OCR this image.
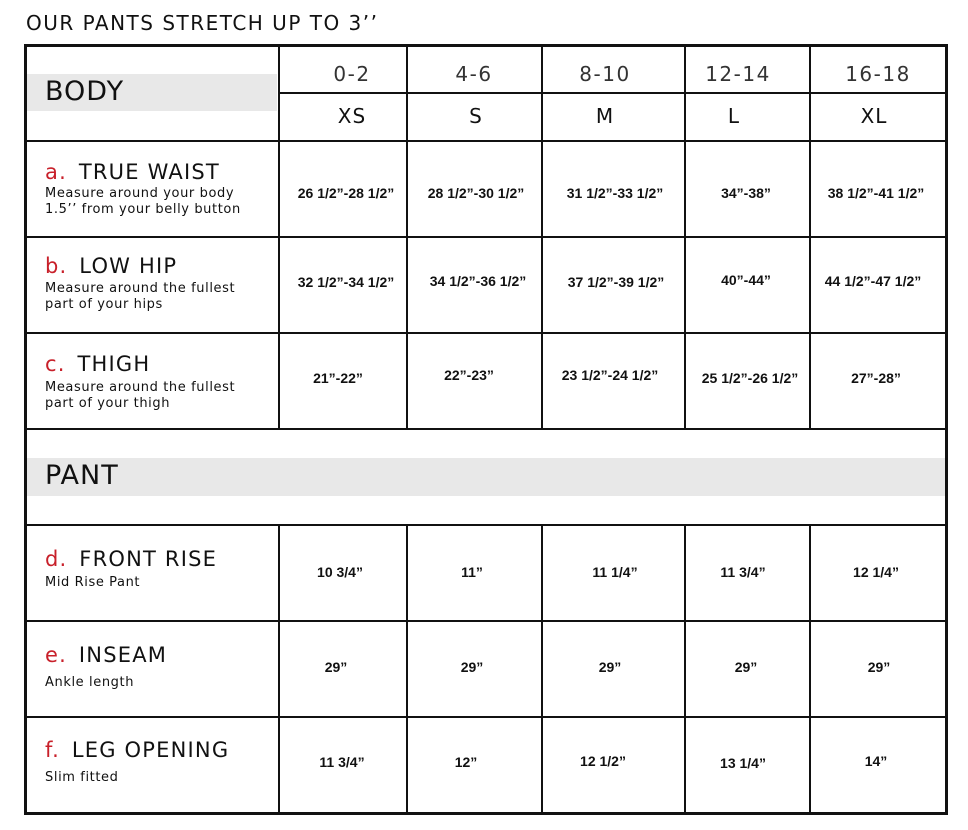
OUR PANTS STRETCH UP TO 3’’
BODY
PANT
0-2	4-6	8-10	12-14	16-18
XS	S	M	L	XL
a. TRUE WAIST
Measure around your body 1.5’’ from your belly button
26 1/2”-28 1/2”	28 1/2”-30 1/2”	31 1/2”-33 1/2”	34”-38”	38 1/2”-41 1/2”
b. LOW HIP
Measure around the fullest part of your hips
32 1/2”-34 1/2”	34 1/2”-36 1/2”	37 1/2”-39 1/2”	40”-44”	44 1/2”-47 1/2”
c. THIGH
Measure around the fullest part of your thigh
21”-22”	22”-23”	23 1/2”-24 1/2”	25 1/2”-26 1/2”	27”-28”
d. FRONT RISE
Mid Rise Pant
10 3/4”	11”	11 1/4”	11 3/4”	12 1/4”
e. INSEAM
Ankle length
29”	29”	29”	29”	29”
f. LEG OPENING
Slim fitted
11 3/4”	12”	12 1/2”	13 1/4”	14”
